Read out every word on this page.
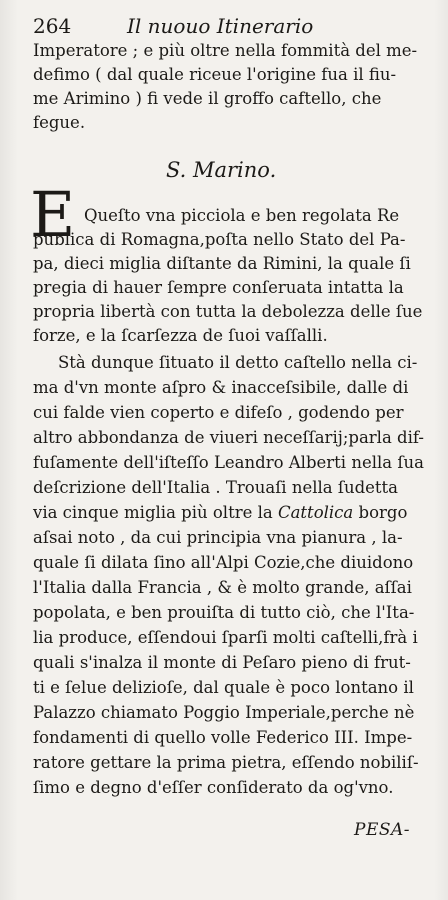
264	Il nuouo Itinerario
Imperatore ; e più oltre nella fommità del me-
defimo ( dal quale riceue l'origine fua il fiu-
me Arimino ) fi vede il groffo caftello, che
fegue.
S. Marino.
E Queſto vna picciola e ben regolata Re
publica di Romagna,poſta nello Stato del Pa-
pa, dieci miglia diſtante da Rimini, la quale ſi
pregia di hauer ſempre conſeruata intatta la
propria libertà con tutta la debolezza delle ſue
forze, e la ſcarſezza de ſuoi vaſſalli.
Stà dunque ſituato il detto caſtello nella ci-
ma d'vn monte aſpro & inacceſsibile, dalle di
cui falde vien coperto e difeſo , godendo per
altro abbondanza de viueri neceſſarij;parla dif-
fuſamente dell'iſteſſo Leandro Alberti nella ſua
deſcrizione dell'Italia . Trouaſi nella ſudetta
via cinque miglia più oltre la Cattolica borgo
aſsai noto , da cui principia vna pianura , la-
quale ſi dilata ſino all'Alpi Cozie,che diuidono
l'Italia dalla Francia , & è molto grande, aſſai
popolata, e ben prouiſta di tutto ciò, che l'Ita-
lia produce, eſſendoui ſparſi molti caſtelli,frà i
quali s'inalza il monte di Peſaro pieno di frut-
ti e ſelue delizioſe, dal quale è poco lontano il
Palazzo chiamato Poggio Imperiale,perche nè
fondamenti di quello volle Federico III. Impe-
ratore gettare la prima pietra, eſſendo nobiliſ-
ſimo e degno d'eſſer conſiderato da og'vno.
PESA-
